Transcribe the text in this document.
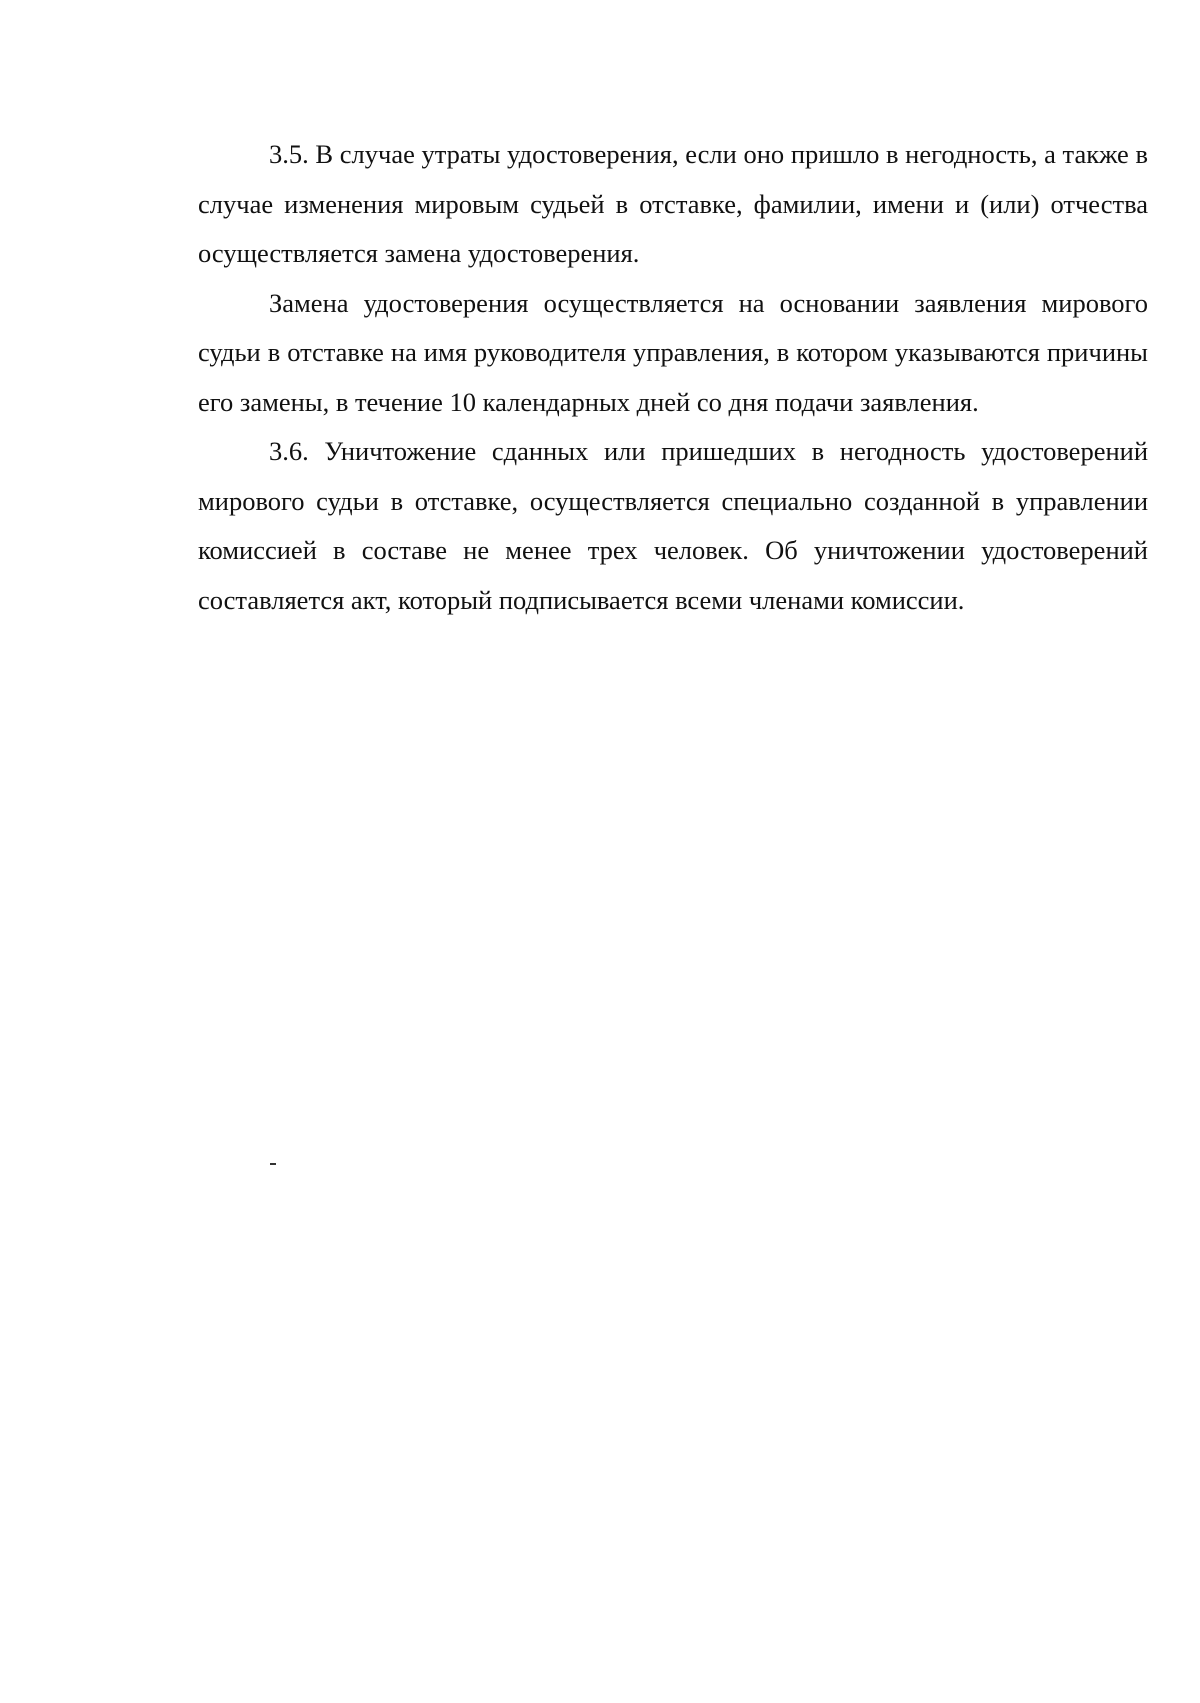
3.5. В случае утраты удостоверения, если оно пришло в негодность, а также в случае изменения мировым судьей в отставке, фамилии, имени и (или) отчества осуществляется замена удостоверения.

Замена удостоверения осуществляется на основании заявления мирового судьи в отставке на имя руководителя управления, в котором указываются причины его замены, в течение 10 календарных дней со дня подачи заявления.

3.6. Уничтожение сданных или пришедших в негодность удостоверений мирового судьи в отставке, осуществляется специально созданной в управлении комиссией в составе не менее трех человек. Об уничтожении удостоверений составляется акт, который подписывается всеми членами комиссии.
